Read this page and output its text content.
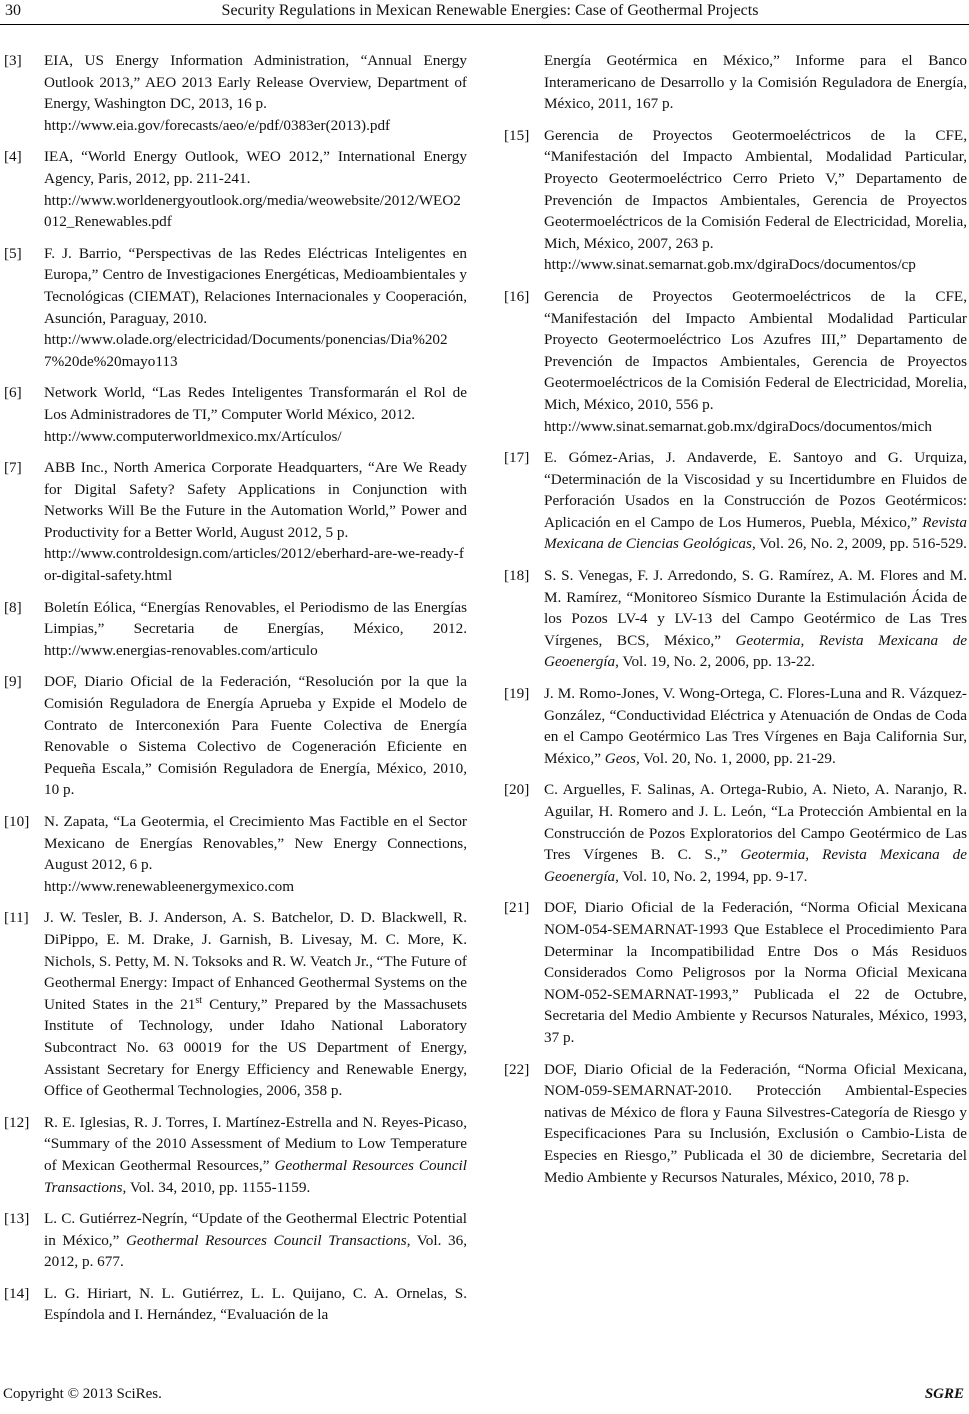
30	Security Regulations in Mexican Renewable Energies: Case of Geothermal Projects
[3] EIA, US Energy Information Administration, “Annual Energy Outlook 2013,” AEO 2013 Early Release Overview, Department of Energy, Washington DC, 2013, 16 p.
http://www.eia.gov/forecasts/aeo/e/pdf/0383er(2013).pdf
[4] IEA, “World Energy Outlook, WEO 2012,” International Energy Agency, Paris, 2012, pp. 211-241.
http://www.worldenergyoutlook.org/media/weowebsite/2012/WEO2012_Renewables.pdf
[5] F. J. Barrio, “Perspectivas de las Redes Eléctricas Inteligentes en Europa,” Centro de Investigaciones Energéticas, Medioambientales y Tecnológicas (CIEMAT), Relaciones Internacionales y Cooperación, Asunción, Paraguay, 2010.
http://www.olade.org/electricidad/Documents/ponencias/Dia%2027%20de%20mayo113
[6] Network World, “Las Redes Inteligentes Transformarán el Rol de Los Administradores de TI,” Computer World México, 2012.
http://www.computerworldmexico.mx/Artículos/
[7] ABB Inc., North America Corporate Headquarters, “Are We Ready for Digital Safety? Safety Applications in Conjunction with Networks Will Be the Future in the Automation World,” Power and Productivity for a Better World, August 2012, 5 p.
http://www.controldesign.com/articles/2012/eberhard-are-we-ready-for-digital-safety.html
[8] Boletín Eólica, “Energías Renovables, el Periodismo de las Energías Limpias,” Secretaria de Energías, México, 2012. http://www.energias-renovables.com/articulo
[9] DOF, Diario Oficial de la Federación, “Resolución por la que la Comisión Reguladora de Energía Aprueba y Expide el Modelo de Contrato de Interconexión Para Fuente Colectiva de Energía Renovable o Sistema Colectivo de Cogeneración Eficiente en Pequeña Escala,” Comisión Reguladora de Energía, México, 2010, 10 p.
[10] N. Zapata, “La Geotermia, el Crecimiento Mas Factible en el Sector Mexicano de Energías Renovables,” New Energy Connections, August 2012, 6 p.
http://www.renewableenergymexico.com
[11] J. W. Tesler, B. J. Anderson, A. S. Batchelor, D. D. Blackwell, R. DiPippo, E. M. Drake, J. Garnish, B. Livesay, M. C. More, K. Nichols, S. Petty, M. N. Toksoks and R. W. Veatch Jr., “The Future of Geothermal Energy: Impact of Enhanced Geothermal Systems on the United States in the 21st Century,” Prepared by the Massachusets Institute of Technology, under Idaho National Laboratory Subcontract No. 63 00019 for the US Department of Energy, Assistant Secretary for Energy Efficiency and Renewable Energy, Office of Geothermal Technologies, 2006, 358 p.
[12] R. E. Iglesias, R. J. Torres, I. Martínez-Estrella and N. Reyes-Picaso, “Summary of the 2010 Assessment of Medium to Low Temperature of Mexican Geothermal Resources,” Geothermal Resources Council Transactions, Vol. 34, 2010, pp. 1155-1159.
[13] L. C. Gutiérrez-Negrín, “Update of the Geothermal Electric Potential in México,” Geothermal Resources Council Transactions, Vol. 36, 2012, p. 677.
[14] L. G. Hiriart, N. L. Gutiérrez, L. L. Quijano, C. A. Ornelas, S. Espíndola and I. Hernández, “Evaluación de la
Energía Geotérmica en México,” Informe para el Banco Interamericano de Desarrollo y la Comisión Reguladora de Energía, México, 2011, 167 p.
[15] Gerencia de Proyectos Geotermoeléctricos de la CFE, “Manifestación del Impacto Ambiental, Modalidad Particular, Proyecto Geotermoeléctrico Cerro Prieto V,” Departamento de Prevención de Impactos Ambientales, Gerencia de Proyectos Geotermoeléctricos de la Comisión Federal de Electricidad, Morelia, Mich, México, 2007, 263 p.
http://www.sinat.semarnat.gob.mx/dgiraDocs/documentos/cp
[16] Gerencia de Proyectos Geotermoeléctricos de la CFE, “Manifestación del Impacto Ambiental Modalidad Particular Proyecto Geotermoeléctrico Los Azufres III,” Departamento de Prevención de Impactos Ambientales, Gerencia de Proyectos Geotermoeléctricos de la Comisión Federal de Electricidad, Morelia, Mich, México, 2010, 556 p.
http://www.sinat.semarnat.gob.mx/dgiraDocs/documentos/mich
[17] E. Gómez-Arias, J. Andaverde, E. Santoyo and G. Urquiza, “Determinación de la Viscosidad y su Incertidumbre en Fluidos de Perforación Usados en la Construcción de Pozos Geotérmicos: Aplicación en el Campo de Los Humeros, Puebla, México,” Revista Mexicana de Ciencias Geológicas, Vol. 26, No. 2, 2009, pp. 516-529.
[18] S. S. Venegas, F. J. Arredondo, S. G. Ramírez, A. M. Flores and M. M. Ramírez, “Monitoreo Sísmico Durante la Estimulación Ácida de los Pozos LV-4 y LV-13 del Campo Geotérmico de Las Tres Vírgenes, BCS, México,” Geotermia, Revista Mexicana de Geoenergía, Vol. 19, No. 2, 2006, pp. 13-22.
[19] J. M. Romo-Jones, V. Wong-Ortega, C. Flores-Luna and R. Vázquez-González, “Conductividad Eléctrica y Atenuación de Ondas de Coda en el Campo Geotérmico Las Tres Vírgenes en Baja California Sur, México,” Geos, Vol. 20, No. 1, 2000, pp. 21-29.
[20] C. Arguelles, F. Salinas, A. Ortega-Rubio, A. Nieto, A. Naranjo, R. Aguilar, H. Romero and J. L. León, “La Protección Ambiental en la Construcción de Pozos Exploratorios del Campo Geotérmico de Las Tres Vírgenes B. C. S.,” Geotermia, Revista Mexicana de Geoenergía, Vol. 10, No. 2, 1994, pp. 9-17.
[21] DOF, Diario Oficial de la Federación, “Norma Oficial Mexicana NOM-054-SEMARNAT-1993 Que Establece el Procedimiento Para Determinar la Incompatibilidad Entre Dos o Más Residuos Considerados Como Peligrosos por la Norma Oficial Mexicana NOM-052-SEMARNAT-1993,” Publicada el 22 de Octubre, Secretaria del Medio Ambiente y Recursos Naturales, México, 1993, 37 p.
[22] DOF, Diario Oficial de la Federación, “Norma Oficial Mexicana, NOM-059-SEMARNAT-2010. Protección Ambiental-Especies nativas de México de flora y Fauna Silvestres-Categoría de Riesgo y Especificaciones Para su Inclusión, Exclusión o Cambio-Lista de Especies en Riesgo,” Publicada el 30 de diciembre, Secretaria del Medio Ambiente y Recursos Naturales, México, 2010, 78 p.
Copyright © 2013 SciRes.	SGRE
